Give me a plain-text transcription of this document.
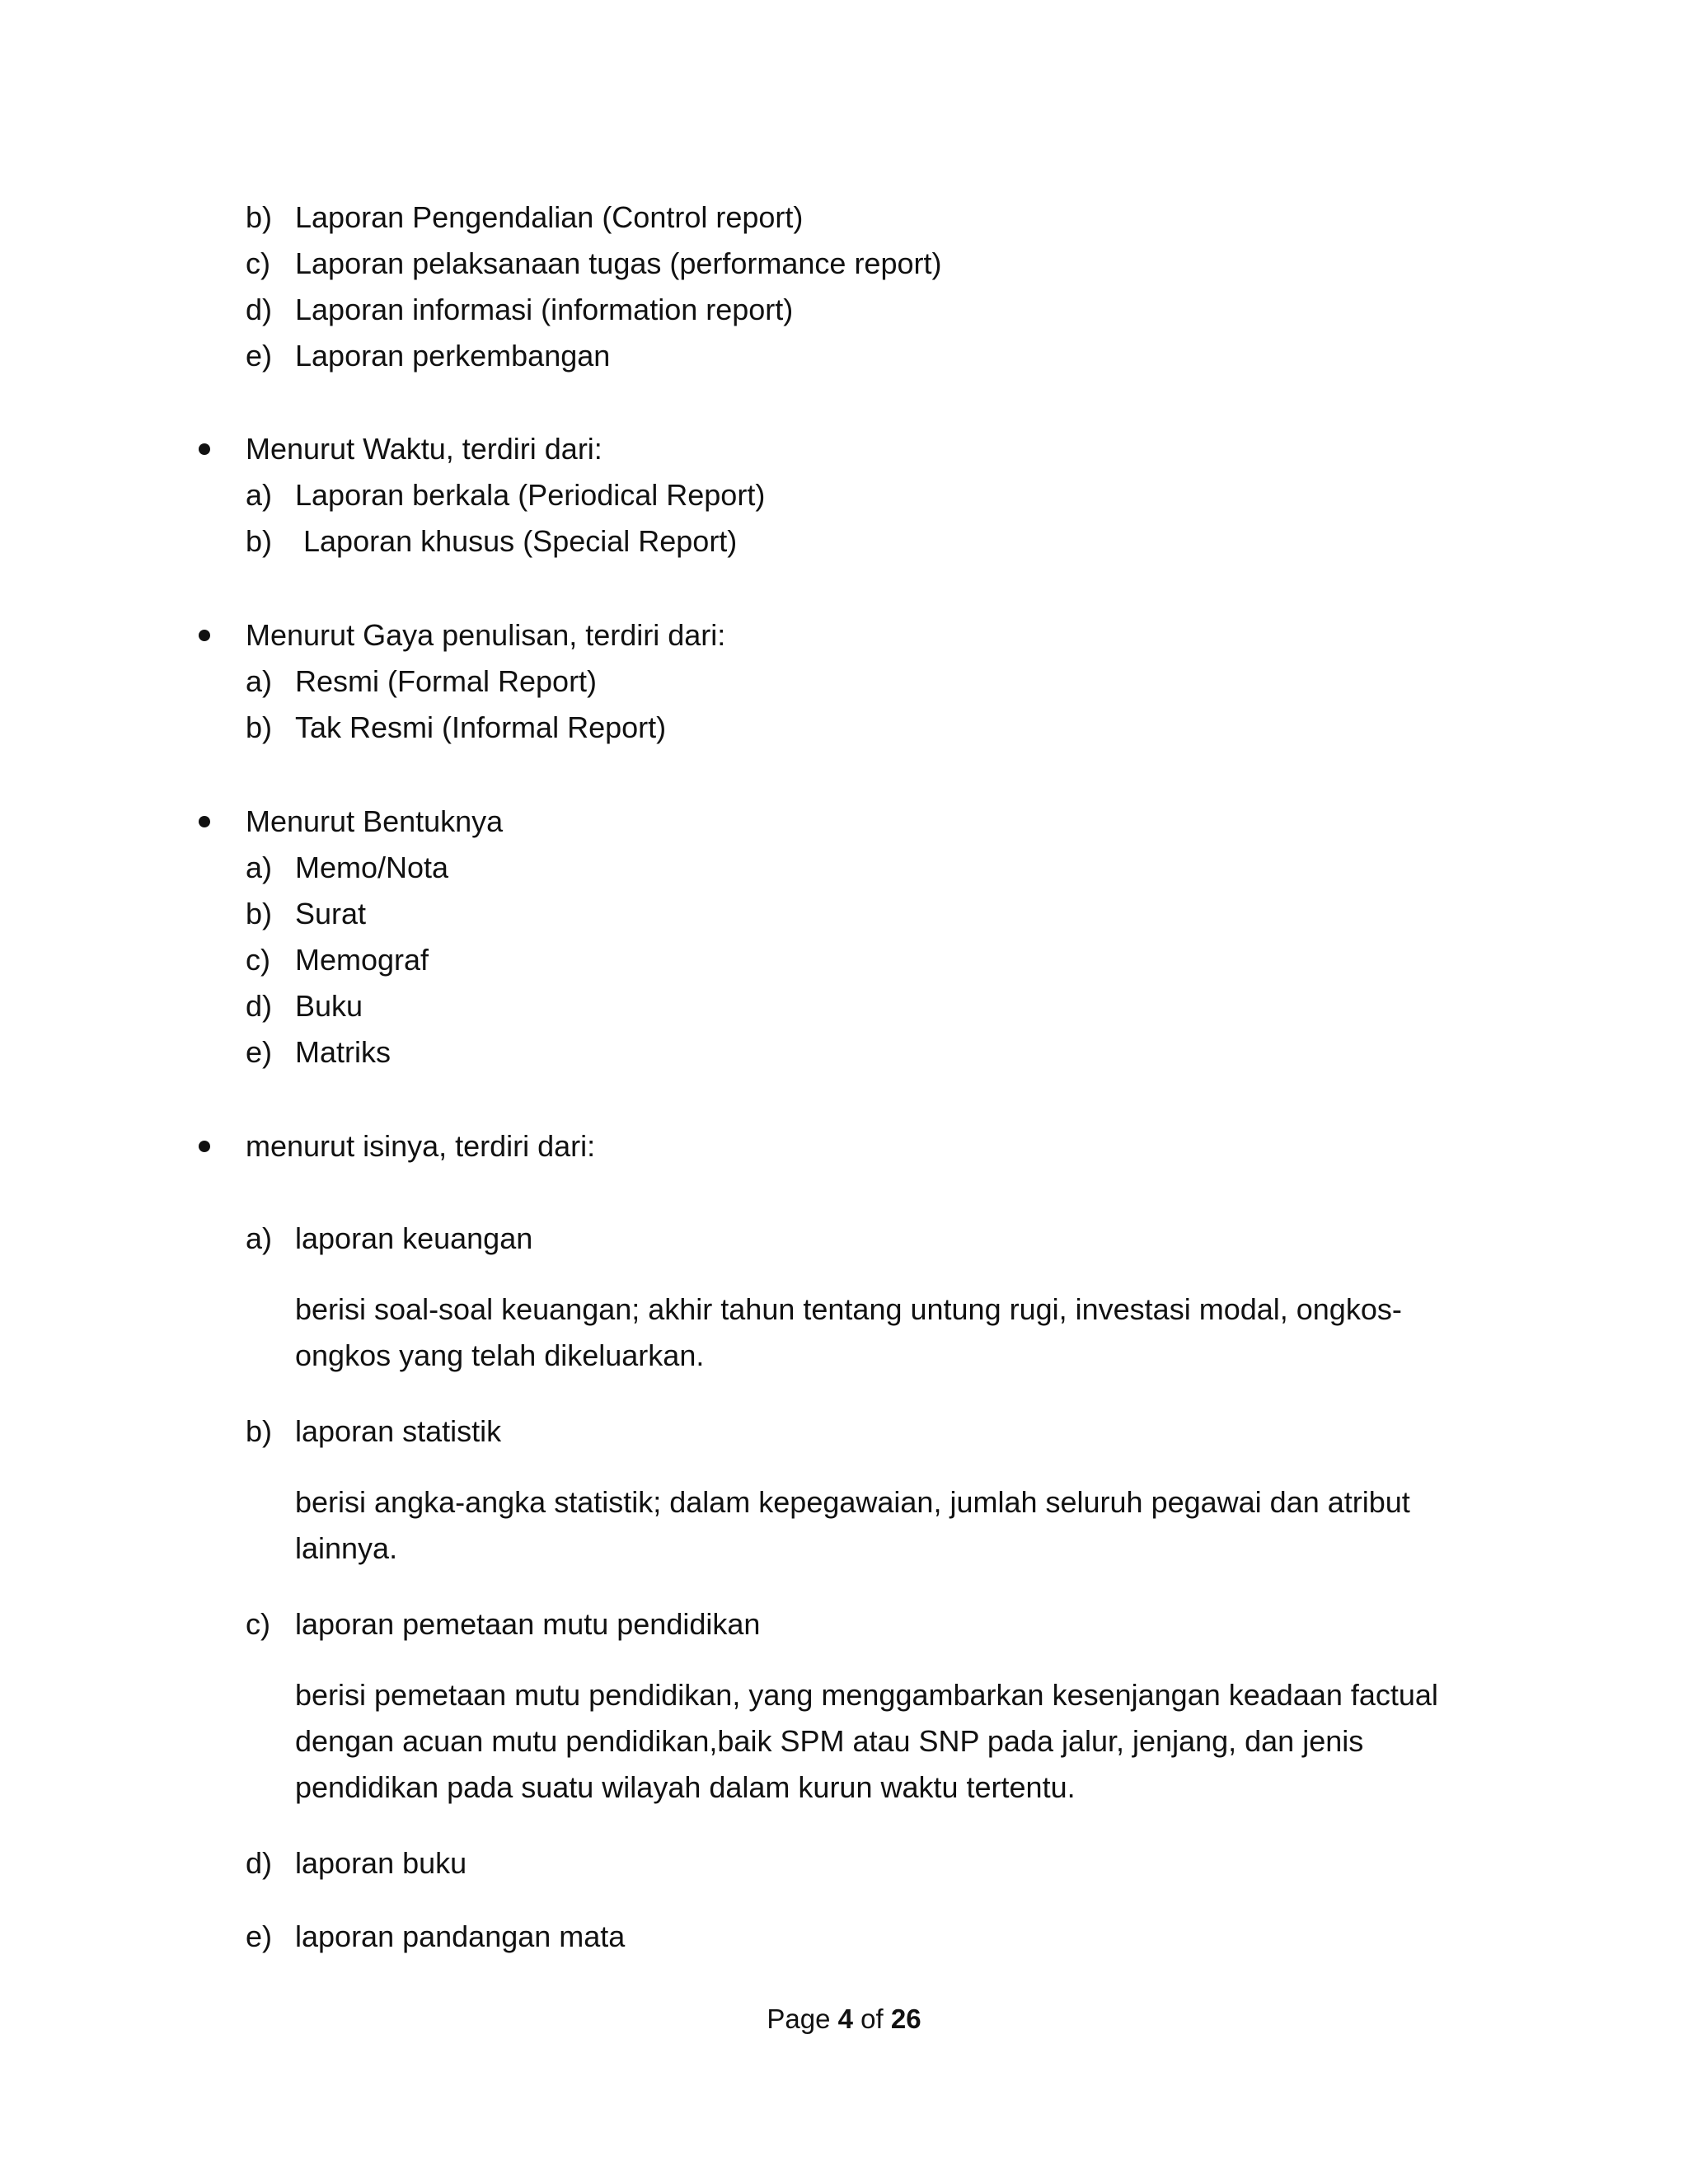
b) Laporan Pengendalian (Control report)
c) Laporan pelaksanaan tugas (performance report)
d) Laporan informasi (information report)
e) Laporan perkembangan
Menurut Waktu, terdiri dari:
a) Laporan berkala (Periodical Report)
b) Laporan khusus (Special Report)
Menurut Gaya penulisan, terdiri dari:
a) Resmi (Formal Report)
b) Tak Resmi (Informal Report)
Menurut Bentuknya
a) Memo/Nota
b) Surat
c) Memograf
d) Buku
e) Matriks
menurut isinya, terdiri dari:
a) laporan keuangan
berisi soal-soal keuangan; akhir tahun tentang untung rugi, investasi modal, ongkos-ongkos yang telah dikeluarkan.
b) laporan statistik
berisi angka-angka statistik; dalam kepegawaian, jumlah seluruh pegawai dan atribut lainnya.
c) laporan pemetaan mutu pendidikan
berisi pemetaan mutu pendidikan, yang menggambarkan kesenjangan keadaan factual dengan acuan mutu pendidikan,baik SPM atau SNP pada jalur, jenjang, dan jenis pendidikan pada suatu wilayah dalam kurun waktu tertentu.
d) laporan buku
e) laporan pandangan mata
Page 4 of 26
